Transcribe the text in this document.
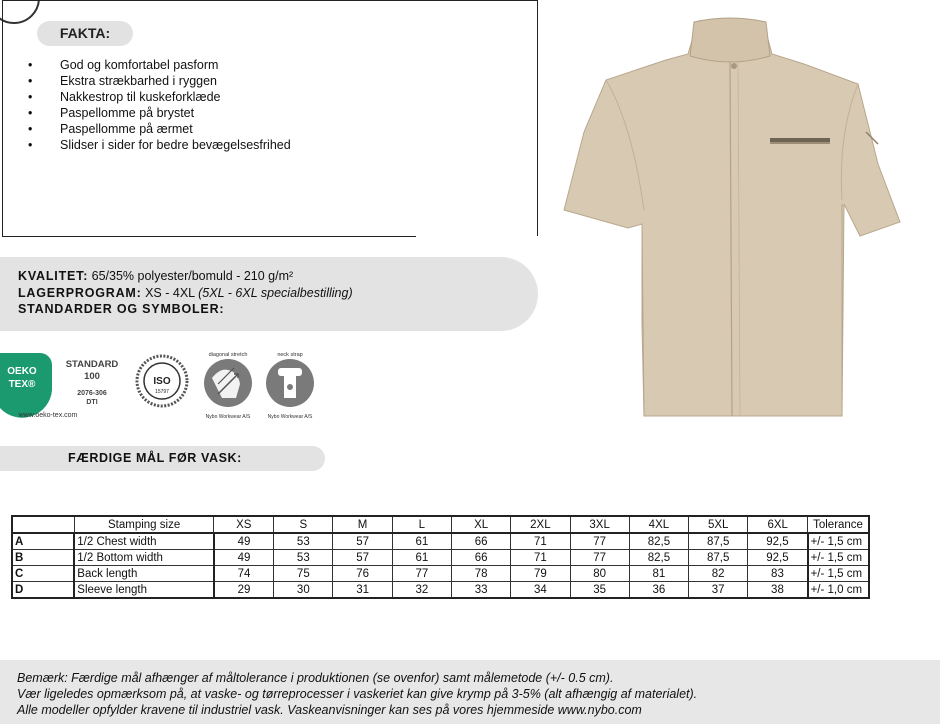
FAKTA:
• God og komfortabel pasform
• Ekstra strækbarhed i ryggen
• Nakkestrop til kuskeforklæde
• Paspellomme på brystet
• Paspellomme på ærmet
• Slidser i sider for bedre bevægelsesfrihed
KVALITET: 65/35% polyester/bomuld - 210 g/m²
LAGERPROGRAM: XS - 4XL (5XL - 6XL specialbestilling)
STANDARDER OG SYMBOLER:
OEKO
TEX®
STANDARD
100
2076-306
DTI
www.oeko-tex.com
ISO
15797
diagonal stretch
Nybo Workwear A/S
neck strap
Nybo Workwear A/S
FÆRDIGE MÅL FØR VASK:
	Stamping size	XS	S	M	L	XL	2XL	3XL	4XL	5XL	6XL	Tolerance
A	1/2 Chest width	49	53	57	61	66	71	77	82,5	87,5	92,5	+/- 1,5 cm
B	1/2 Bottom width	49	53	57	61	66	71	77	82,5	87,5	92,5	+/- 1,5 cm
C	Back length	74	75	76	77	78	79	80	81	82	83	+/- 1,5 cm
D	Sleeve length	29	30	31	32	33	34	35	36	37	38	+/- 1,0 cm

Bemærk: Færdige mål afhænger af måltolerance i produktionen (se ovenfor) samt målemetode (+/- 0.5 cm).

Vær ligeledes opmærksom på, at vaske- og tørreprocesser i vaskeriet kan give krymp på 3-5% (alt afhængig af materialet).

Alle modeller opfylder kravene til industriel vask. Vaskeanvisninger kan ses på vores hjemmeside www.nybo.com
